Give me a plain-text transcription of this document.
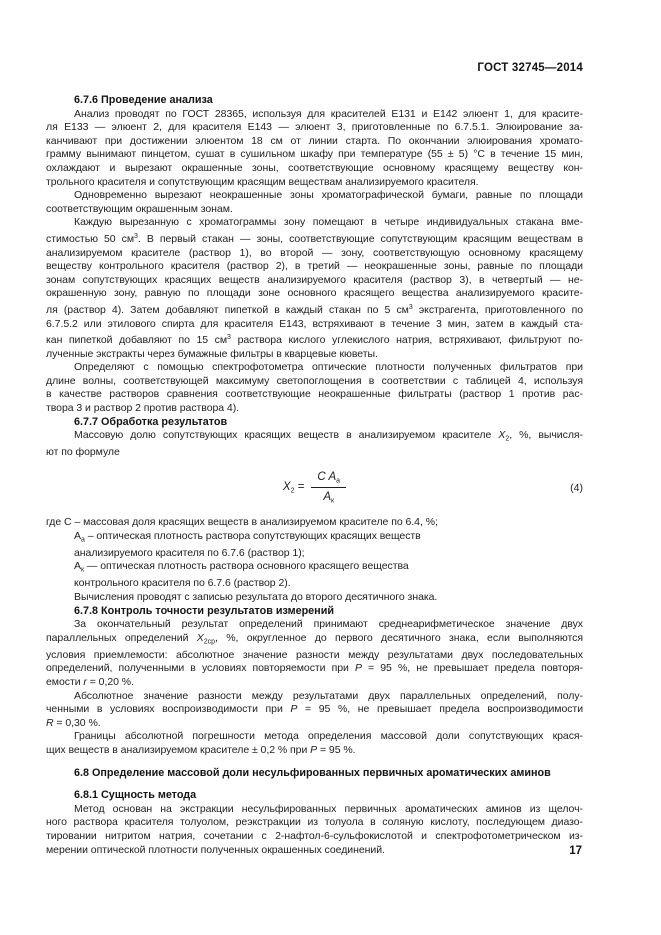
ГОСТ 32745—2014
6.7.6 Проведение анализа
Анализ проводят по ГОСТ 28365, используя для красителей Е131 и Е142 элюент 1, для красите-
ля Е133 — элюент 2, для красителя Е143 — элюент 3, приготовленные по 6.7.5.1. Элюирование за-
канчивают при достижении элюентом 18 см от линии старта. По окончании элюирования хромато-
грамму вынимают пинцетом, сушат в сушильном шкафу при температуре (55 ± 5) °С в течение 15 мин,
охлаждают и вырезают окрашенные зоны, соответствующие основному красящему веществу кон-
трольного красителя и сопутствующим красящим веществам анализируемого красителя.
Одновременно вырезают неокрашенные зоны хроматографической бумаги, равные по площади
соответствующим окрашенным зонам.
Каждую вырезанную с хроматограммы зону помещают в четыре индивидуальных стакана вме-
стимостью 50 $см^3$. В первый стакан — зоны, соответствующие сопутствующим красящим веществам в
анализируемом красителе (раствор 1), во второй — зону, соответствующую основному красящему
веществу контрольного красителя (раствор 2), в третий — неокрашенные зоны, равные по площади
зонам сопутствующих красящих веществ анализируемого красителя (раствор 3), в четвертый — не-
окрашенную зону, равную по площади зоне основного красящего вещества анализируемого красите-
ля (раствор 4). Затем добавляют пипеткой в каждый стакан по 5 $см^3$ экстрагента, приготовленного по
6.7.5.2 или этилового спирта для красителя Е143, встряхивают в течение 3 мин, затем в каждый ста-
кан пипеткой добавляют по 15 $см^3$ раствора кислого углекислого натрия, встряхивают, фильтруют по-
лученные экстракты через бумажные фильтры в кварцевые кюветы.
Определяют с помощью спектрофотометра оптические плотности полученных фильтратов при
длине волны, соответствующей максимуму светопоглощения в соответствии с таблицей 4, используя
в качестве растворов сравнения соответствующие неокрашенные фильтраты (раствор 1 против рас-
твора 3 и раствор 2 против раствора 4).
6.7.7 Обработка результатов
Массовую долю сопутствующих красящих веществ в анализируемом красителе $X_2$, %, вычисля-
ют по формуле
$X_2 = \frac{C A_а}{A_к}$	(4)
где С – массовая доля красящих веществ в анализируемом красителе по 6.4, %;
$А_а$ – оптическая плотность раствора сопутствующих красящих веществ
анализируемого красителя по 6.7.6 (раствор 1);
$А_к$ — оптическая плотность раствора основного красящего вещества
контрольного красителя по 6.7.6 (раствор 2).
Вычисления проводят с записью результата до второго десятичного знака.
6.7.8 Контроль точности результатов измерений
За окончательный результат определений принимают среднеарифметическое значение двух
параллельных определений $X_{2ср}$, %, округленное до первого десятичного знака, если выполняются
условия приемлемости: абсолютное значение разности между результатами двух последовательных
определений, полученными в условиях повторяемости при P = 95 %, не превышает предела повторя-
емости r = 0,20 %.
Абсолютное значение разности между результатами двух параллельных определений, полу-
ченными в условиях воспроизводимости при P = 95 %, не превышает предела воспроизводимости
R = 0,30 %.
Границы абсолютной погрешности метода определения массовой доли сопутствующих крася-
щих веществ в анализируемом красителе ± 0,2 % при P = 95 %.
6.8 Определение массовой доли несульфированных первичных ароматических аминов
6.8.1 Сущность метода
Метод основан на экстракции несульфированных первичных ароматических аминов из щелоч-
ного раствора красителя толуолом, реэкстракции из толуола в соляную кислоту, последующем диазо-
тировании нитритом натрия, сочетании с 2-нафтол-6-сульфокислотой и спектрофотометрическом из-
мерении оптической плотности полученных окрашенных соединений.	17
